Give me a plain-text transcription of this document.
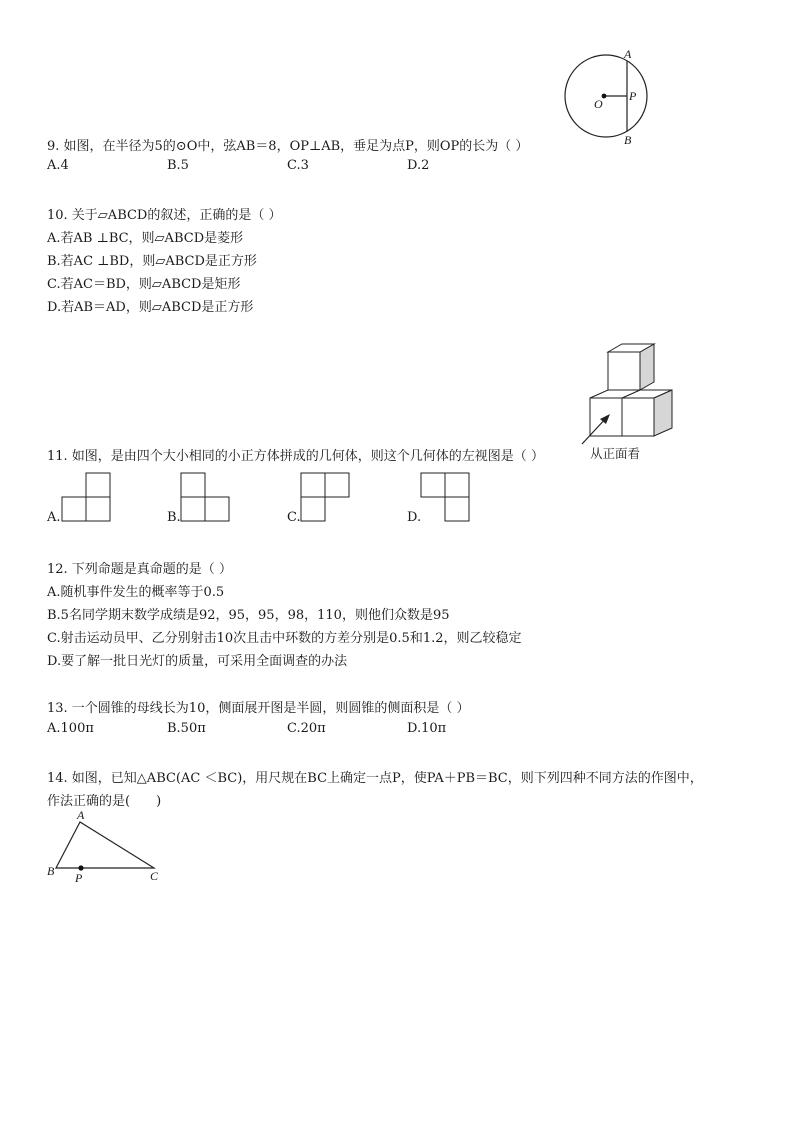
A
B
O
P
9. 如图，在半径为5的⊙O中，弦AB＝8，OP⊥AB，垂足为点P，则OP的长为（ ）
A.4	B.5	C.3	D.2
10. 关于▱ABCD的叙述，正确的是（ ）
A.若AB ⊥BC，则▱ABCD是菱形
B.若AC ⊥BD，则▱ABCD是正方形
C.若AC＝BD，则▱ABCD是矩形
D.若AB＝AD，则▱ABCD是正方形
从正面看
11. 如图，是由四个大小相同的小正方体拼成的几何体，则这个几何体的左视图是（ ）
A.	B.	C.	D.
12. 下列命题是真命题的是（ ）
A.随机事件发生的概率等于0.5
B.5名同学期末数学成绩是92，95，95，98，110，则他们众数是95
C.射击运动员甲、乙分别射击10次且击中环数的方差分别是0.5和1.2，则乙较稳定
D.要了解一批日光灯的质量，可采用全面调查的办法
13. 一个圆锥的母线长为10，侧面展开图是半圆，则圆锥的侧面积是（ ）
A.100π	B.50π	C.20π	D.10π
14. 如图，已知△ABC(AC ＜BC)，用尺规在BC上确定一点P，使PA＋PB＝BC，则下列四种不同方法的作图中，
作法正确的是(　　)
A
B	C
P
